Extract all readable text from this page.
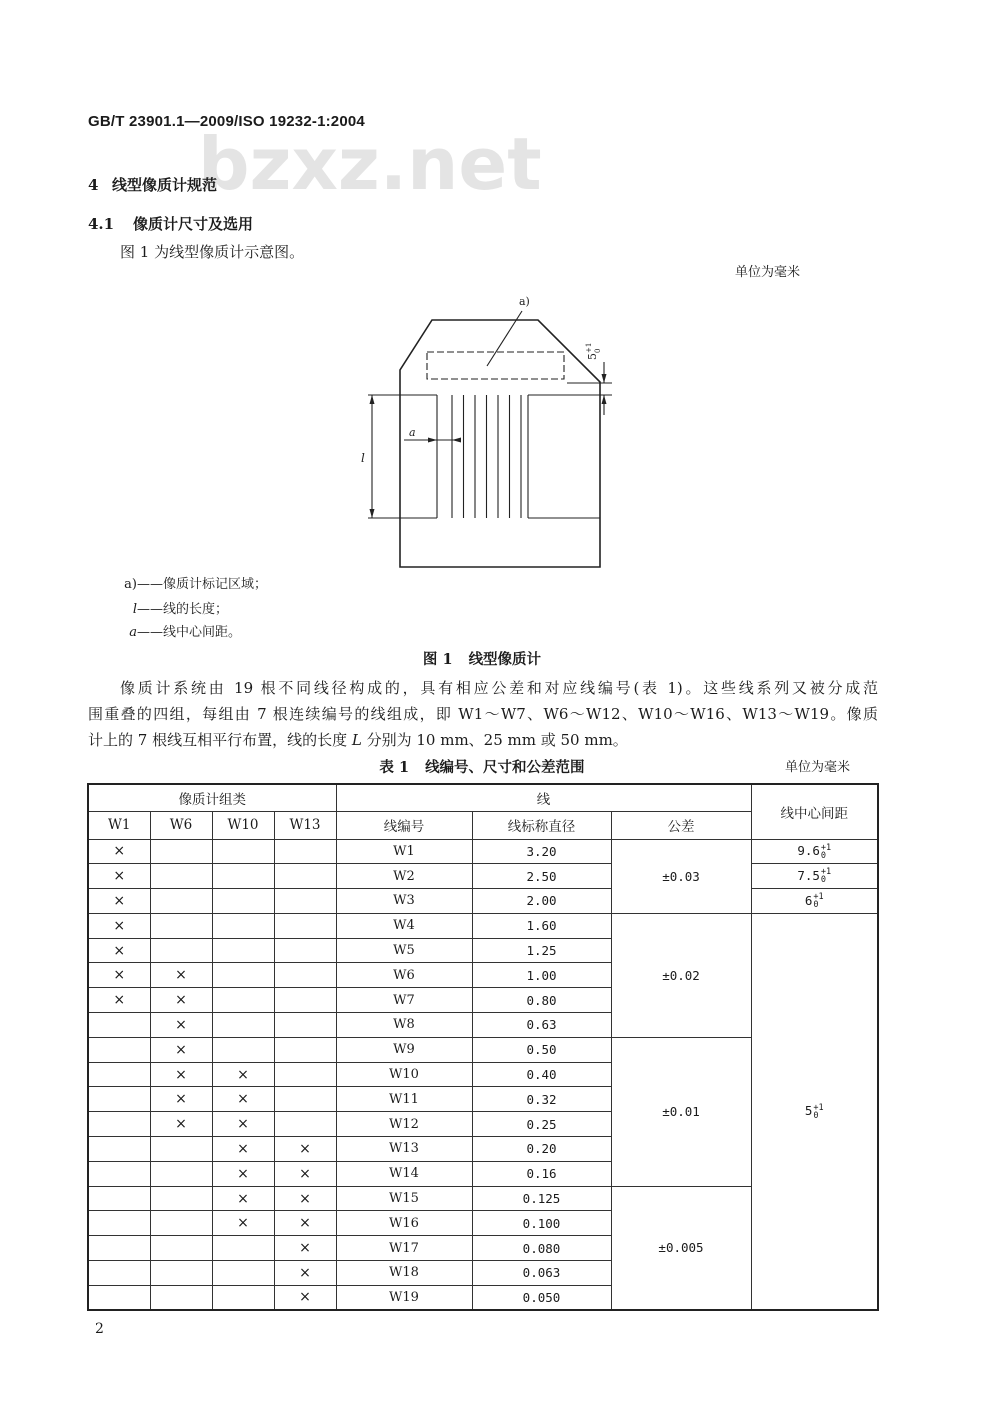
GB/T 23901.1—2009/ISO 19232-1:2004
bzxz.net
4 线型像质计规范
4.1 像质计尺寸及选用
图 1 为线型像质计示意图。
单位为毫米
a)
l
a
5
+1 0
a)——像质计标记区域；
l——线的长度；
a——线中心间距。
图 1 线型像质计
像质计系统由 19 根不同线径构成的，具有相应公差和对应线编号(表 1)。这些线系列又被分成范
围重叠的四组，每组由 7 根连续编号的线组成，即 W1～W7、W6～W12、W10～W16、W13～W19。像质
计上的 7 根线互相平行布置，线的长度 L 分别为 10 mm、25 mm 或 50 mm。
表 1 线编号、尺寸和公差范围	单位为毫米
像质计组类				线			线中心间距
W1	W6	W10	W13	线编号	线标称直径	公差	
×				W1	3.20	±0.03	9.6 +1
0

×				W2	2.50		7.5 +1
0

×				W3	2.00		6 +1
0

×				W4	1.60	±0.02	5 +1
0

×				W5	1.25		
×	×			W6	1.00		
×	×			W7	0.80		
	×			W8	0.63		
	×			W9	0.50	±0.01	
	×	×		W10	0.40		
	×	×		W11	0.32		
	×	×		W12	0.25		
		×	×	W13	0.20		
		×	×	W14	0.16		
		×	×	W15	0.125	±0.005	
		×	×	W16	0.100		
			×	W17	0.080		
			×	W18	0.063		
			×	W19	0.050		
2
